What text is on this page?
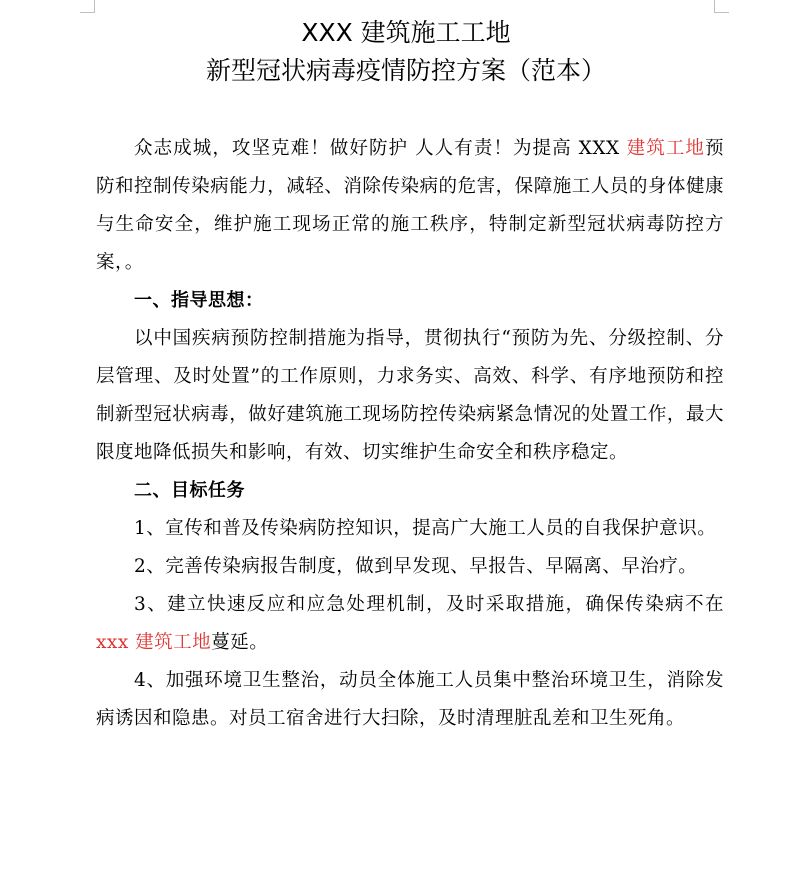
XXX 建筑施工工地
新型冠状病毒疫情防控方案（范本）

众志成城，攻坚克难！做好防护 人人有责！为提高 XXX 建筑工地预防和控制传染病能力，减轻、消除传染病的危害，保障施工人员的身体健康与生命安全，维护施工现场正常的施工秩序，特制定新型冠状病毒防控方案，。

一、指导思想：

以中国疾病预防控制措施为指导，贯彻执行“预防为先、分级控制、分层管理、及时处置”的工作原则，力求务实、高效、科学、有序地预防和控制新型冠状病毒，做好建筑施工现场防控传染病紧急情况的处置工作，最大限度地降低损失和影响，有效、切实维护生命安全和秩序稳定。

二、目标任务

1、宣传和普及传染病防控知识，提高广大施工人员的自我保护意识。

2、完善传染病报告制度，做到早发现、早报告、早隔离、早治疗。

3、建立快速反应和应急处理机制，及时采取措施，确保传染病不在 xxx 建筑工地蔓延。

4、加强环境卫生整治，动员全体施工人员集中整治环境卫生，消除发病诱因和隐患。对员工宿舍进行大扫除，及时清理脏乱差和卫生死角。
